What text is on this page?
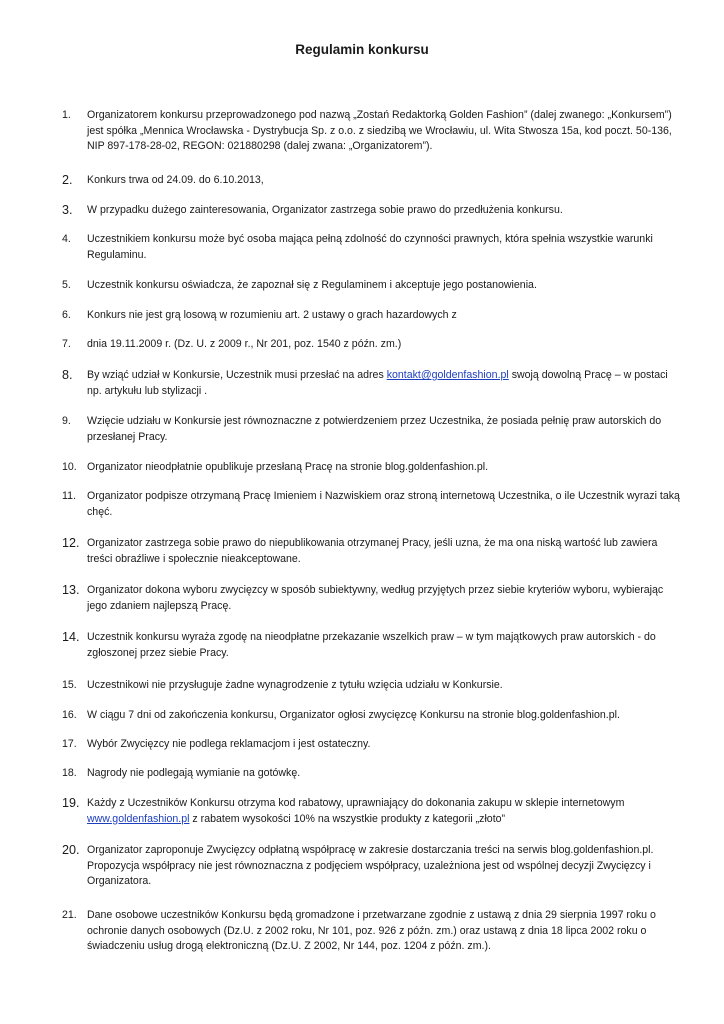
Regulamin konkursu
1.	Organizatorem konkursu przeprowadzonego pod nazwą „Zostań Redaktorką Golden Fashion” (dalej zwanego: „Konkursem”) jest spółka „Mennica Wrocławska - Dystrybucja Sp. z o.o. z siedzibą we Wrocławiu, ul. Wita Stwosza 15a, kod poczt. 50-136, NIP 897-178-28-02, REGON: 021880298 (dalej zwana: „Organizatorem”).
2.	Konkurs trwa od 24.09. do 6.10.2013,
3.	W przypadku dużego zainteresowania, Organizator zastrzega sobie prawo do przedłużenia konkursu.
4.	Uczestnikiem konkursu może być osoba mająca pełną zdolność do czynności prawnych, która spełnia wszystkie warunki Regulaminu.
5.	Uczestnik konkursu oświadcza, że zapoznał się z Regulaminem i akceptuje jego postanowienia.
6.	Konkurs nie jest grą losową w rozumieniu art. 2 ustawy o grach hazardowych z
7.	dnia 19.11.2009 r. (Dz. U. z 2009 r., Nr 201, poz. 1540 z późn. zm.)
8.	By wziąć udział w Konkursie, Uczestnik musi przesłać na adres kontakt@goldenfashion.pl swoją dowolną Pracę – w postaci np. artykułu lub stylizacji .
9.	Wzięcie udziału w Konkursie jest równoznaczne z potwierdzeniem przez Uczestnika, że posiada pełnię praw autorskich do przesłanej Pracy.
10. Organizator nieodpłatnie opublikuje przesłaną Pracę na stronie blog.goldenfashion.pl.
11.	Organizator podpisze otrzymaną Pracę Imieniem i Nazwiskiem oraz stroną internetową Uczestnika, o ile Uczestnik wyrazi taką chęć.
12. Organizator zastrzega sobie prawo do niepublikowania otrzymanej Pracy, jeśli uzna, że ma ona niską wartość lub zawiera treści obraźliwe i społecznie nieakceptowane.
13. Organizator dokona wyboru zwycięzcy w sposób subiektywny, według przyjętych przez siebie kryteriów wyboru, wybierając jego zdaniem najlepszą Pracę.
14. Uczestnik konkursu wyraża zgodę na nieodpłatne przekazanie wszelkich praw – w tym majątkowych praw autorskich - do zgłoszonej przez siebie Pracy.
15. Uczestnikowi nie przysługuje żadne wynagrodzenie z tytułu wzięcia udziału w Konkursie.
16. W ciągu 7 dni od zakończenia konkursu, Organizator ogłosi zwycięzcę Konkursu na stronie blog.goldenfashion.pl.
17. Wybór Zwycięzcy nie podlega reklamacjom i jest ostateczny.
18. Nagrody nie podlegają wymianie na gotówkę.
19. Każdy z Uczestników Konkursu otrzyma kod rabatowy, uprawniający do dokonania zakupu w sklepie internetowym www.goldenfashion.pl z rabatem wysokości 10% na wszystkie produkty z kategorii „złoto”
20. Organizator zaproponuje Zwycięzcy odpłatną współpracę w zakresie dostarczania treści na serwis blog.goldenfashion.pl. Propozycja współpracy nie jest równoznaczna z podjęciem współpracy, uzależniona jest od wspólnej decyzji Zwycięzcy i Organizatora.
21. Dane osobowe uczestników Konkursu będą gromadzone i przetwarzane zgodnie z ustawą z dnia 29 sierpnia 1997 roku o ochronie danych osobowych (Dz.U. z 2002 roku, Nr 101, poz. 926 z późn. zm.) oraz ustawą z dnia 18 lipca 2002 roku o świadczeniu usług drogą elektroniczną (Dz.U. Z 2002, Nr 144, poz. 1204 z późn. zm.).
